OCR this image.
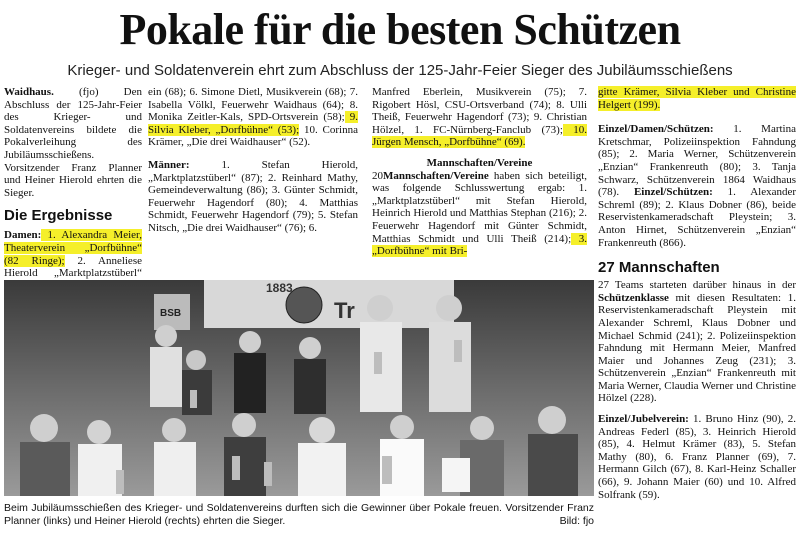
Pokale für die besten Schützen
Krieger- und Soldatenverein ehrt zum Abschluss der 125-Jahr-Feier Sieger des Jubiläumsschießens

Waidhaus. (fjo) Den Abschluss der 125-Jahr-Feier des Krieger- und Soldatenvereins bildete die Pokalverleihung des Jubiläumsschießens. Vorsitzender Franz Planner und Heiner Hierold ehrten die Sieger.

Die Ergebnisse

Damen: 1. Alexandra Meier, Theaterverein „Dorfbühne“ (82 Ringe); 2. Anneliese Hierold „Marktplatzstüberl“

ein (68); 6. Simone Dietl, Musikverein (68); 7. Isabella Völkl, Feuerwehr Waidhaus (64); 8. Monika Zeitler-Kals, SPD-Ortsverein (58); 9. Silvia Kleber, „Dorfbühne“ (53); 10. Corinna Krämer, „Die drei Waidhauser“ (52).

Männer: 1. Stefan Hierold, „Marktplatzstüberl“ (87); 2. Reinhard Mathy, Gemeindeverwaltung (86); 3. Günter Schmidt, Feuerwehr Hagendorf (80); 4. Matthias Schmidt, Feuerwehr Hagendorf (79); 5. Stefan Nitsch, „Die drei Waidhauser“ (76); 6.

Manfred Eberlein, Musikverein (75); 7. Rigobert Hösl, CSU-Ortsverband (74); 8. Ulli Theiß, Feuerwehr Hagendorf (73); 9. Christian Hölzel, 1. FC-Nürnberg-Fanclub (73); 10. Jürgen Mensch, „Dorfbühne“ (69).

Mannschaften/Vereine

20Mannschaften/Vereine haben sich beteiligt, was folgende Schlusswertung ergab: 1. „Marktplatzstüberl“ mit Stefan Hierold, Heinrich Hierold und Matthias Stephan (216); 2. Feuerwehr Hagendorf mit Günter Schmidt, Matthias Schmidt und Ulli Theiß (214); 3. „Dorfbühne“ mit Bri-

gitte Krämer, Silvia Kleber und Christine Helgert (199).

Einzel/Damen/Schützen: 1. Martina Kretschmar, Polizeiinspektion Fahndung (85); 2. Maria Werner, Schützenverein „Enzian“ Frankenreuth (80); 3. Tanja Schwarz, Schützenverein 1864 Waidhaus (78). Einzel/Schützen: 1. Alexander Schreml (89); 2. Klaus Dobner (86), beide Reservistenkameradschaft Pleystein; 3. Anton Hirnet, Schützenverein „Enzian“ Frankenreuth (866).

27 Mannschaften

27 Teams starteten darüber hinaus in der Schützenklasse mit diesen Resultaten: 1. Reservistenkameradschaft Pleystein mit Alexander Schreml, Klaus Dobner und Michael Schmid (241); 2. Polizeiinspektion Fahndung mit Hermann Meier, Manfred Maier und Johannes Zeug (231); 3. Schützenverein „Enzian“ Frankenreuth mit Maria Werner, Claudia Werner und Christine Hölzel (228).

Einzel/Jubelverein: 1. Bruno Hinz (90), 2. Andreas Federl (85), 3. Heinrich Hierold (85), 4. Helmut Krämer (83), 5. Stefan Mathy (80), 6. Franz Planner (69), 7. Hermann Gilch (67), 8. Karl-Heinz Schaller (66), 9. Johann Maier (60) und 10. Alfred Solfrank (59).

Tr
1883
BSB
Beim Jubiläumsschießen des Krieger- und Soldatenvereins durften sich die Gewinner über Pokale freuen. Vorsitzender Franz Planner (links) und Heiner Hierold (rechts) ehrten die Sieger.	Bild: fjo
